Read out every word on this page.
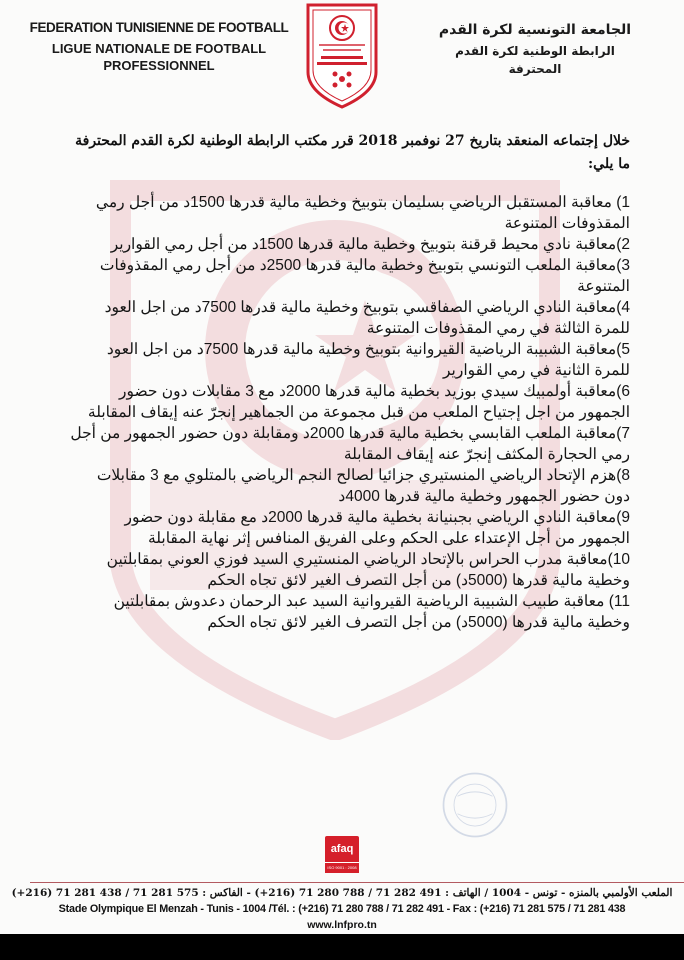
FEDERATION TUNISIENNE DE FOOTBALL
LIGUE NATIONALE DE FOOTBALL
PROFESSIONNEL
الجامعة التونسية لكرة القدم
الرابطة الوطنية لكرة القدم
المحترفة
خلال إجتماعه المنعقد بتاريخ 27 نوفمبر 2018 قرر مكتب الرابطة الوطنية لكرة القدم المحترفة ما يلي:

1) معاقبة المستقبل الرياضي بسليمان بتوبيخ وخطية مالية قدرها 1500د من أجل رمي المقذوفات المتنوعة

2)معاقبة نادي محيط قرقنة بتوبيخ وخطية مالية قدرها 1500د من أجل رمي القوارير

3)معاقبة الملعب التونسي بتوبيخ وخطية مالية قدرها 2500د من أجل رمي المقذوفات المتنوعة

4)معاقبة النادي الرياضي الصفاقسي بتوبيخ وخطية مالية قدرها 7500د من اجل العود للمرة الثالثة في رمي المقذوفات المتنوعة

5)معاقبة الشبيبة الرياضية القيروانية بتوبيخ وخطية مالية قدرها 7500د من اجل العود للمرة الثانية في رمي القوارير

6)معاقبة أولمبيك سيدي بوزيد بخطية مالية قدرها 2000د مع 3 مقابلات دون حضور الجمهور من اجل إجتياح الملعب من قبل مجموعة من الجماهير إنجرّ عنه إيقاف المقابلة

7)معاقبة الملعب القابسي بخطية مالية قدرها 2000د ومقابلة دون حضور الجمهور من أجل رمي الحجارة المكثف إنجرّ عنه إيقاف المقابلة

8)هزم الإتحاد الرياضي المنستيري جزائيا لصالح النجم الرياضي بالمتلوي مع 3 مقابلات دون حضور الجمهور وخطية مالية قدرها 4000د

9)معاقبة النادي الرياضي بجبنيانة بخطية مالية قدرها 2000د مع مقابلة دون حضور الجمهور من أجل الإعتداء على الحكم وعلى الفريق المنافس إثر نهاية المقابلة

10)معاقبة مدرب الحراس بالإتحاد الرياضي المنستيري السيد فوزي العوني بمقابلتين وخطية مالية قدرها (5000د) من أجل التصرف الغير لائق تجاه الحكم

11) معاقبة طبيب الشبيبة الرياضية القيروانية السيد عبد الرحمان دعدوش بمقابلتين وخطية مالية قدرها (5000د) من أجل التصرف الغير لائق تجاه الحكم

afaq
ISO 9001 : 2008
الملعب الأولمبي بالمنزه - تونس - 1004 / الهاتف : 491 282 71 / 788 280 71 (216+) - الفاكس : 575 281 71 / 438 281 71 (216+)
Stade Olympique El Menzah - Tunis - 1004 /Tél. : (+216) 71 280 788 / 71 282 491 - Fax : (+216) 71 281 575 / 71 281 438
www.lnfpro.tn
